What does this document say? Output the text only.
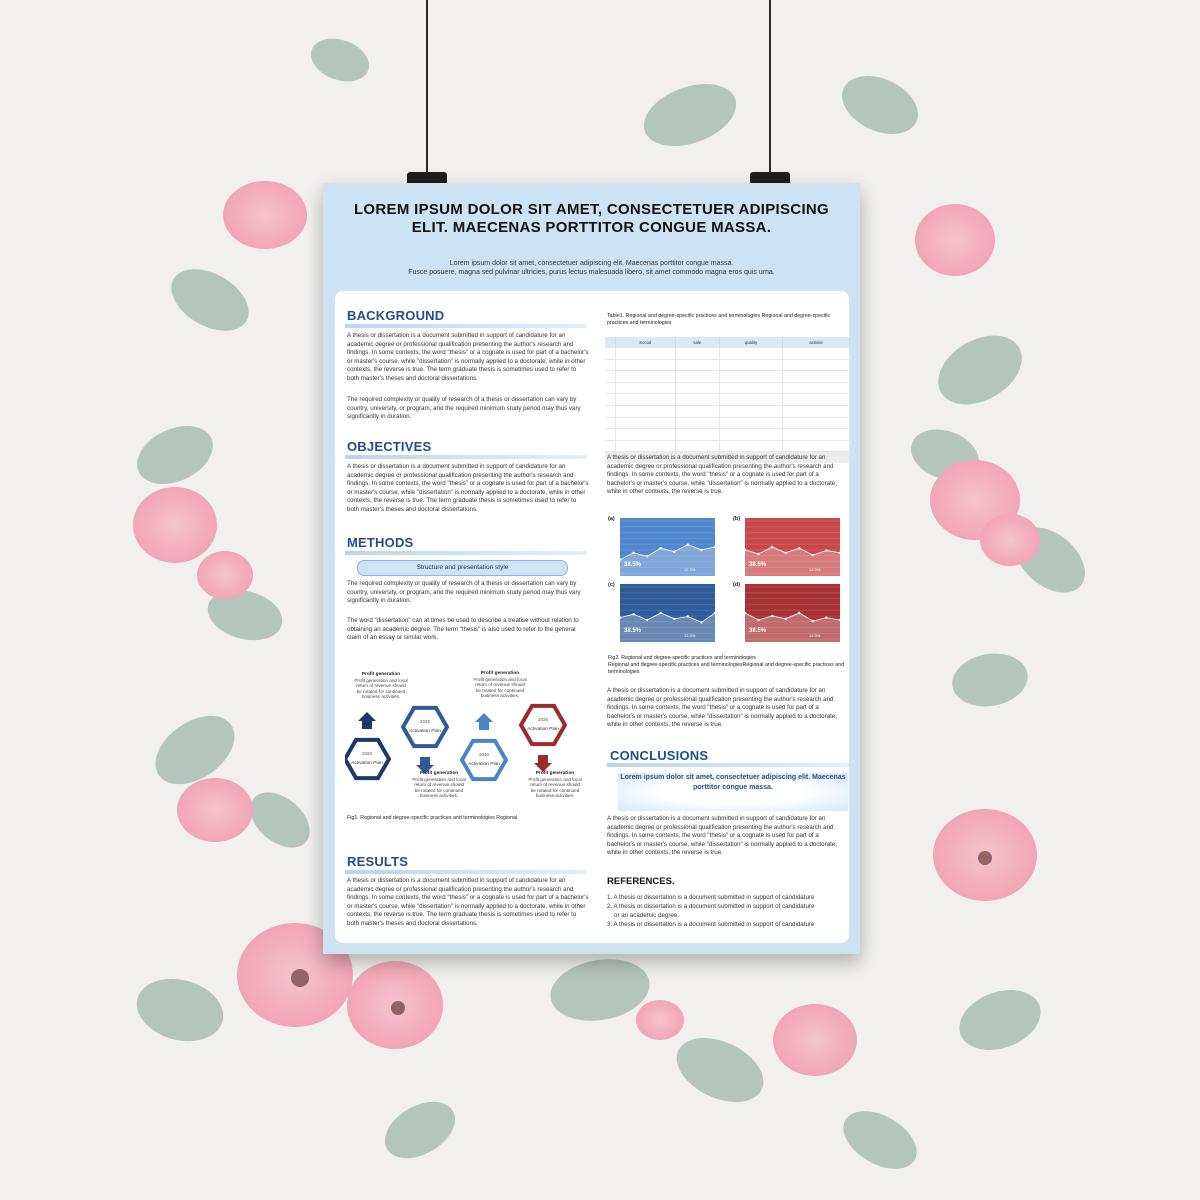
LOREM IPSUM DOLOR SIT AMET, CONSECTETUER ADIPISCING ELIT. MAECENAS PORTTITOR CONGUE MASSA.
Lorem ipsum dolor sit amet, consectetuer adipiscing elit. Maecenas porttitor congue massa.
Fusce posuere, magna sed pulvinar ultricies, purus lectus malesuada libero, sit amet commodo magna eros quis urna.
BACKGROUND
A thesis or dissertation is a document submitted in support of candidature for an academic degree or professional qualification presenting the author's research and findings. In some contexts, the word "thesis" or a cognate is used for part of a bachelor's or master's course, while "dissertation" is normally applied to a doctorate, while in other contexts, the reverse is true. The term graduate thesis is sometimes used to refer to both master's theses and doctoral dissertations.
The required complexity or quality of research of a thesis or dissertation can vary by country, university, or program, and the required minimum study period may thus vary significantly in duration.
OBJECTIVES
A thesis or dissertation is a document submitted in support of candidature for an academic degree or professional qualification presenting the author's research and findings. In some contexts, the word "thesis" or a cognate is used for part of a bachelor's or master's course, while "dissertation" is normally applied to a doctorate, while in other contexts, the reverse is true. The term graduate thesis is sometimes used to refer to both master's theses and doctoral dissertations.
METHODS
Structure and presentation style
The required complexity or quality of research of a thesis or dissertation can vary by country, university, or program, and the required minimum study period may thus vary significantly in duration.
The word "dissertation" can at times be used to describe a treatise without relation to obtaining an academic degree. The term "thesis" is also used to refer to the general claim of an essay or similar work.
2020
Activation Plan
2025
Activation Plan
2030
Activation Plan
2035
Activation Plan
Profit generation
Profit generation and local return of revenue should be rotated for continued business activities.
Profit generation
Profit generation and local return of revenue should be rotated for continued business activities.
Profit generation
Profit generation and local return of revenue should be rotated for continued business activities.
Profit generation
Profit generation and local return of revenue should be rotated for continued business activities.
Fig1. Regional and degree-specific practices and terminologies Regional
RESULTS
A thesis or dissertation is a document submitted in support of candidature for an academic degree or professional qualification presenting the author's research and findings. In some contexts, the word "thesis" or a cognate is used for part of a bachelor's or master's course, while "dissertation" is normally applied to a doctorate, while in other contexts, the reverse is true. The term graduate thesis is sometimes used to refer to both master's theses and doctoral dissertations.
Table1. Regional and degree-specific practices and terminologies Regional and degree-specific practices and terminologies
	Social	sale	quality	activite

A thesis or dissertation is a document submitted in support of candidature for an academic degree or professional qualification presenting the author's research and findings. In some contexts, the word "thesis" or a cognate is used for part of a bachelor's or master's course, while "dissertation" is normally applied to a doctorate, while in other contexts, the reverse is true.
(a)
38.5%
12.3%
(b)
38.5%
12.3%
(c)
38.5%
12.3%
(d)
38.5%
12.3%
Fig2. Regional and degree-specific practices and terminologies
Regional and degree-specific practices and terminologiesRegional and degree-specific practices and terminologies
A thesis or dissertation is a document submitted in support of candidature for an academic degree or professional qualification presenting the author's research and findings. In some contexts, the word "thesis" or a cognate is used for part of a bachelor's or master's course, while "dissertation" is normally applied to a doctorate, while in other contexts, the reverse is true.
CONCLUSIONS
Lorem ipsum dolor sit amet, consectetuer adipiscing elit. Maecenas porttitor congue massa.
A thesis or dissertation is a document submitted in support of candidature for an academic degree or professional qualification presenting the author's research and findings. In some contexts, the word "thesis" or a cognate is used for part of a bachelor's or master's course, while "dissertation" is normally applied to a doctorate, while in other contexts, the reverse is true.
REFERENCES.
1. A thesis or dissertation is a document submitted in support of candidature
2. A thesis or dissertation is a document submitted in support of candidature
or an academic degree.
3. A thesis or dissertation is a document submitted in support of candidature
